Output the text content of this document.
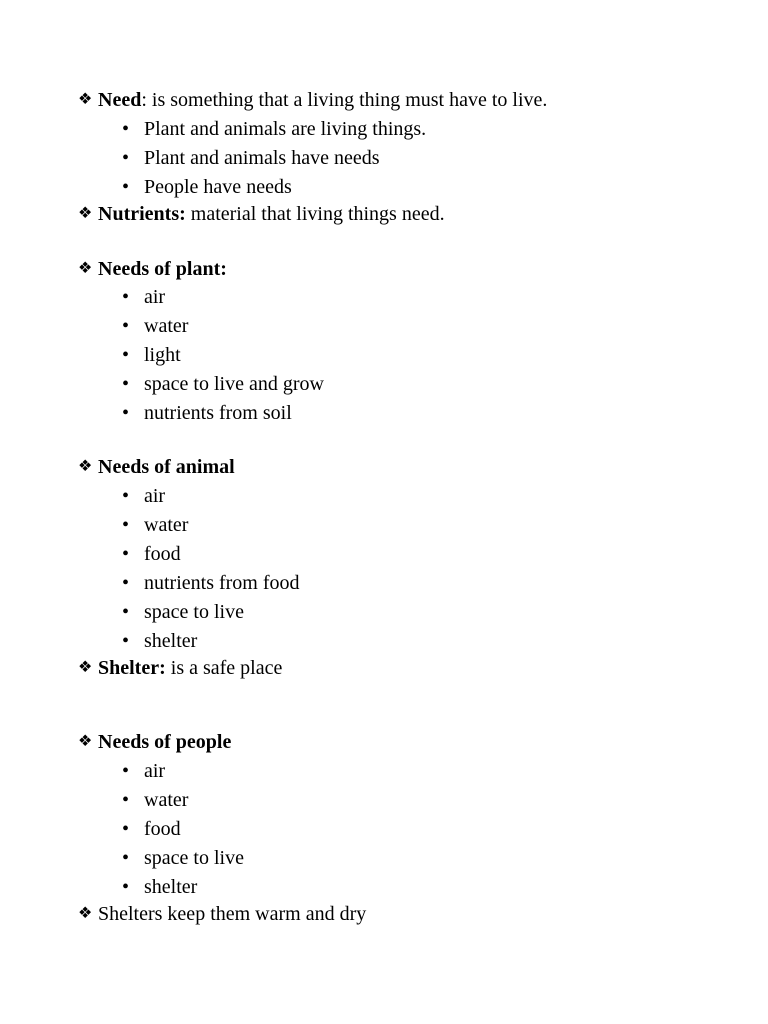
❖ Need: is something that a living thing must have to live.
• Plant and animals are living things.
• Plant and animals have needs
• People have needs
❖ Nutrients: material that living things need.
❖ Needs of plant:
• air
• water
• light
• space to live and grow
• nutrients from soil
❖ Needs of animal
• air
• water
• food
• nutrients from food
• space to live
• shelter
❖ Shelter: is a safe place
❖ Needs of people
• air
• water
• food
• space to live
• shelter
❖ Shelters keep them warm and dry
